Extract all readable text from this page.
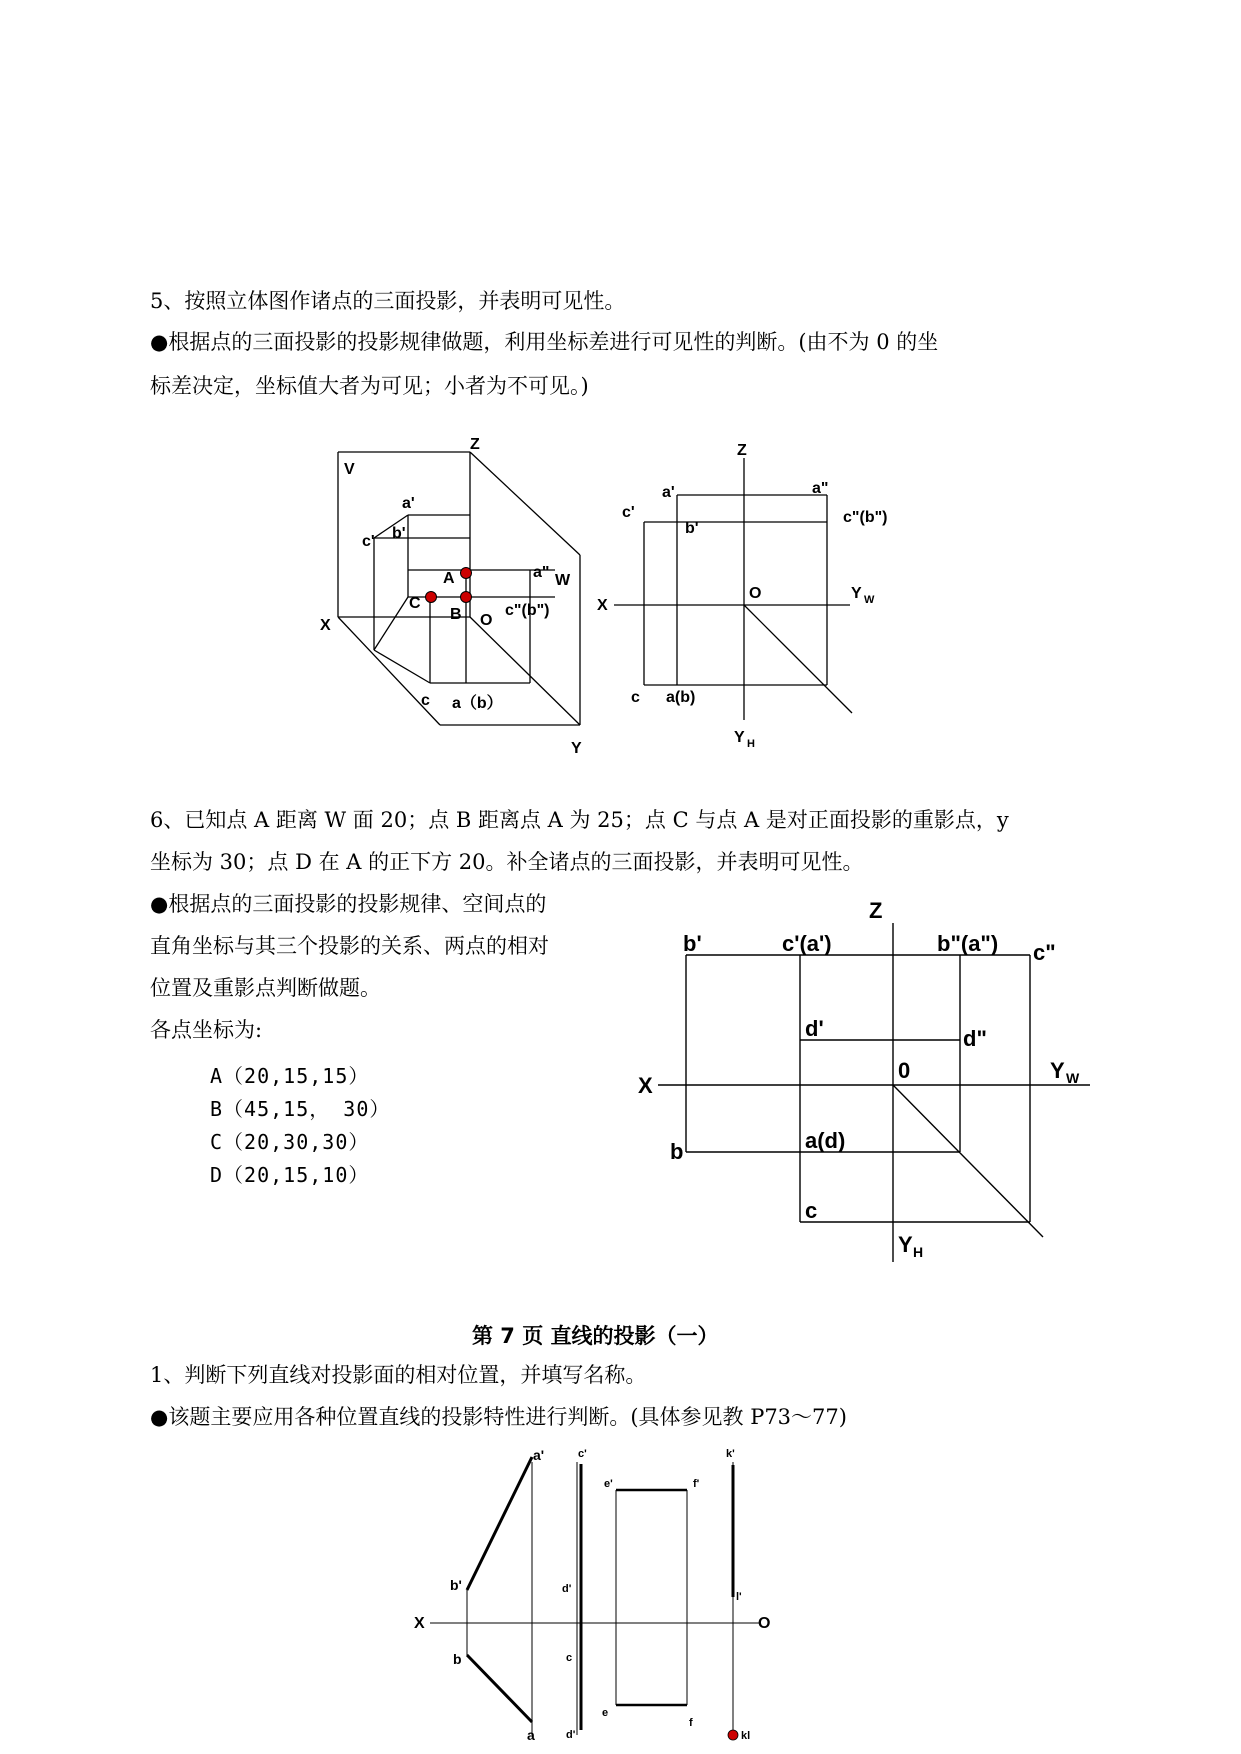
5、按照立体图作诸点的三面投影，并表明可见性。
●根据点的三面投影的投影规律做题，利用坐标差进行可见性的判断。(由不为 0 的坐
标差决定，坐标值大者为可见；小者为不可见。)
6、已知点 A 距离 W 面 20；点 B 距离点 A 为 25；点 C 与点 A 是对正面投影的重影点，y
坐标为 30；点 D 在 A 的正下方 20。补全诸点的三面投影，并表明可见性。
●根据点的三面投影的投影规律、空间点的
直角坐标与其三个投影的关系、两点的相对
位置及重影点判断做题。
各点坐标为:
A（20,15,15）
B（45,15， 30）
C（20,30,30）
D（20,15,10）
第 7 页 直线的投影（一）
1、判断下列直线对投影面的相对位置，并填写名称。
●该题主要应用各种位置直线的投影特性进行判断。(具体参见教 P73～77)
V
Z
X
Y
W
O
a'
b'
c'
A
C
B
a"
c"(b")
c a（b）
Z
X
O	Y W
Y H
a'	a"
c'
b'
c"(b")
c a(b)
Z
X
0	Y W
Y H
b'	c'(a')	b"(a") c"
d'	d"
b	a(d)
c
X	O
a'
b'
b
a
c'
d'
c
d'
e'	f'
e
f
k'
l'
kl
